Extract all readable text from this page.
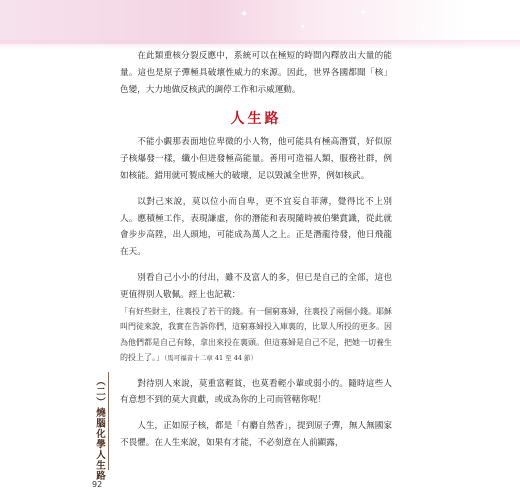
✦
✦
✦
✦

在此類重核分裂反應中，系統可以在極短的時間內釋放出大量的能量。這也是原子彈極具破壞性威力的來源。因此，世界各國都聞「核」色變，大力地做反核武的調停工作和示威運動。

人生路

不能小覷那表面地位卑微的小人物，他可能具有極高潛質，好似原子核爆發一樣，纖小但迸發極高能量。善用可造福人類，服務社群，例如核能。錯用就可製成極大的破壞，足以毀滅全世界，例如核武。

以對己來說，莫以位小而自卑，更不宜妄自菲薄，覺得比不上別人。應積極工作，表現謙虛，你的潛能和表現隨時被伯樂賞識，從此就會步步高陞，出人頭地，可能成為萬人之上。正是潛龍待發，他日飛龍在天。

別看自己小小的付出，雖不及富人的多，但已是自己的全部，這也更值得別人敬佩。經上也記載：

「有好些財主，往裏投了若干的錢。有一個窮寡婦，往裏投了兩個小錢。耶穌叫門徒來說，我實在告訴你們，這窮寡婦投入庫裏的，比眾人所投的更多。因為他們都是自己有餘，拿出來投在裏頭。但這寡婦是自己不足，把她一切養生的投上了。」（馬可福音十二章 41 至 44 節）

對待別人來說，莫重富輕貧，也莫看輕小輩或弱小的。隨時這些人有意想不到的莫大貢獻，或成為你的上司而管轄你呢！

人生，正如原子核，都是「有麝自然香」，提到原子彈，無人無國家不畏懼。在人生來說，如果有才能，不必刻意在人前顯露，

（二）燒腦化學人生路
92
